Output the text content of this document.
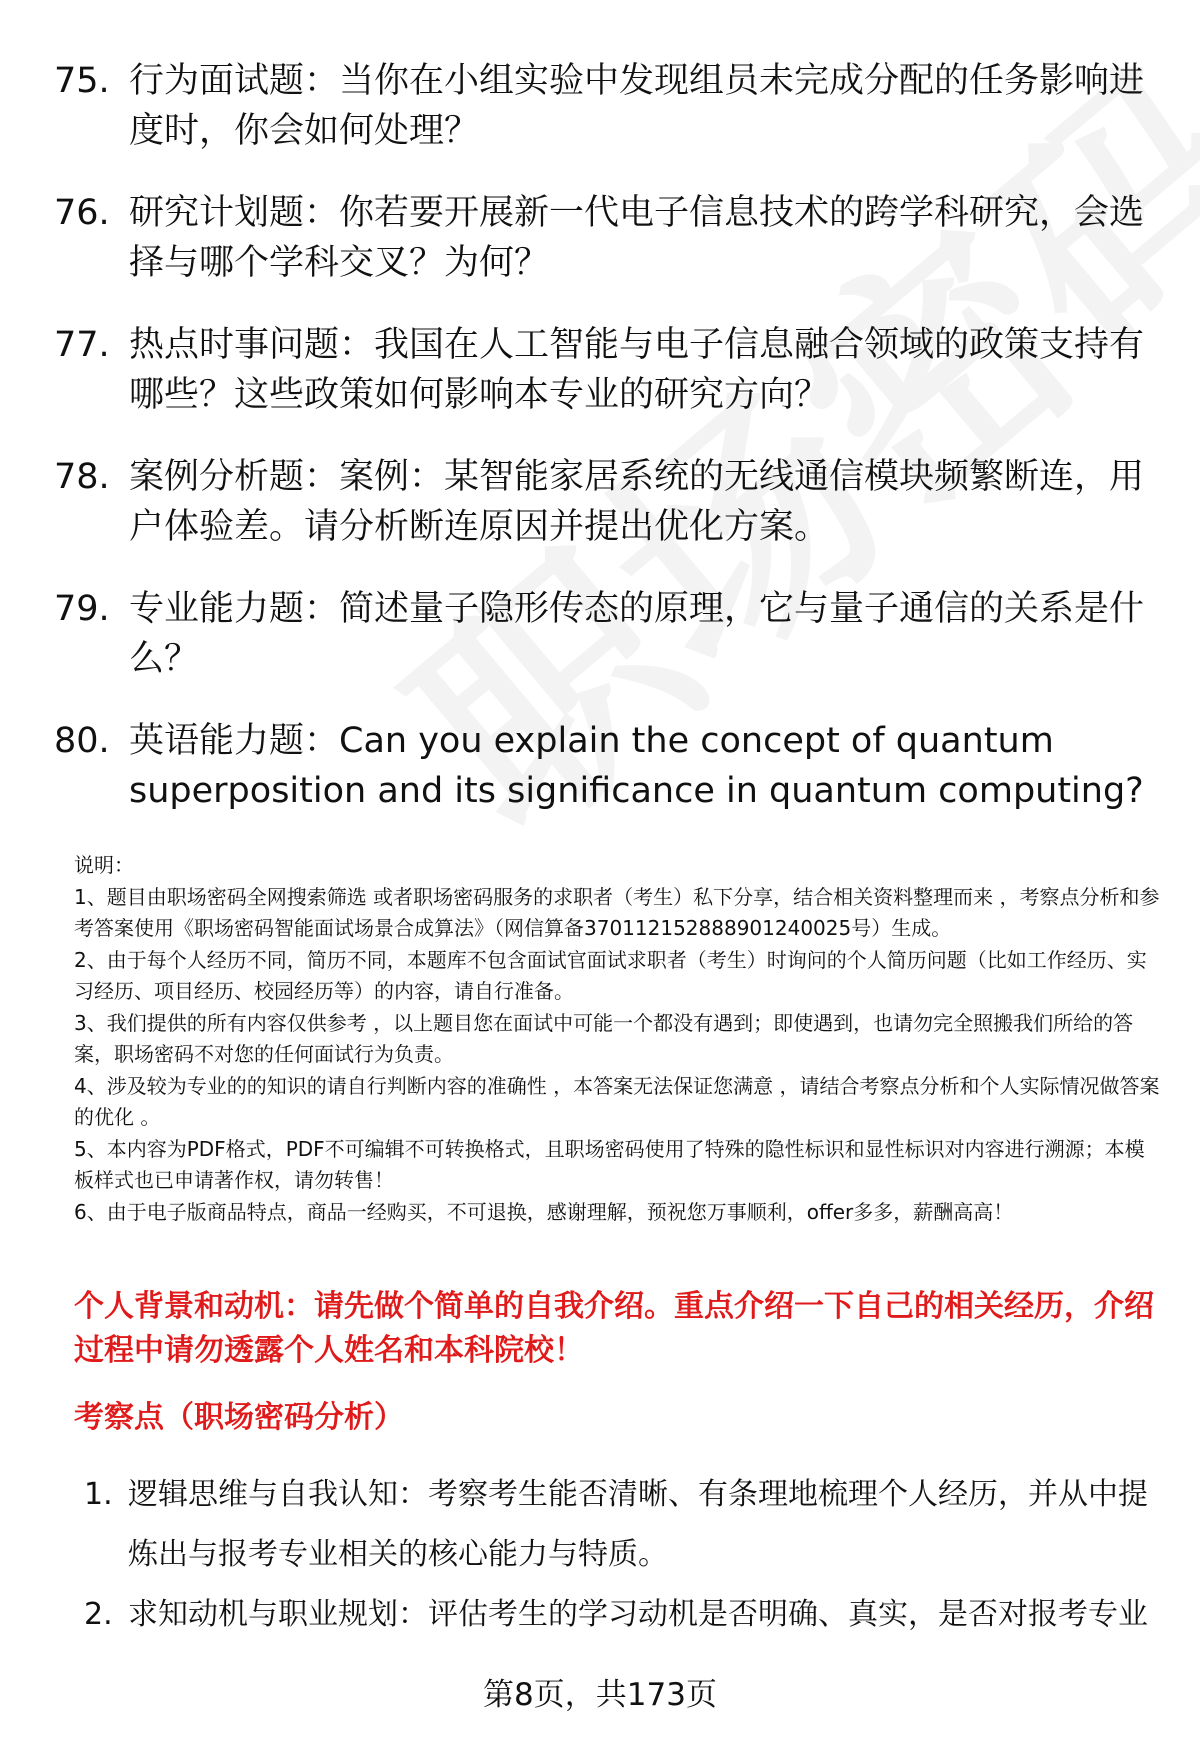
75. 行为面试题：当你在小组实验中发现组员未完成分配的任务影响进度时，你会如何处理？
76. 研究计划题：你若要开展新一代电子信息技术的跨学科研究，会选择与哪个学科交叉？为何？
77. 热点时事问题：我国在人工智能与电子信息融合领域的政策支持有哪些？这些政策如何影响本专业的研究方向？
78. 案例分析题：案例：某智能家居系统的无线通信模块频繁断连，用户体验差。请分析断连原因并提出优化方案。
79. 专业能力题：简述量子隐形传态的原理，它与量子通信的关系是什么？
80. 英语能力题：Can you explain the concept of quantum superposition and its significance in quantum computing?

说明：

1、题目由职场密码全网搜索筛选 或者职场密码服务的求职者（考生）私下分享，结合相关资料整理而来 ，考察点分析和参考答案使用《职场密码智能面试场景合成算法》（网信算备370112152888901240025号）生成。

2、由于每个人经历不同，简历不同，本题库不包含面试官面试求职者（考生）时询问的个人简历问题（比如工作经历、实习经历、项目经历、校园经历等）的内容，请自行准备。

3、我们提供的所有内容仅供参考 ，以上题目您在面试中可能一个都没有遇到；即使遇到，也请勿完全照搬我们所给的答案，职场密码不对您的任何面试行为负责。

4、涉及较为专业的的知识的请自行判断内容的准确性 ，本答案无法保证您满意 ，请结合考察点分析和个人实际情况做答案的优化 。

5、本内容为PDF格式，PDF不可编辑不可转换格式，且职场密码使用了特殊的隐性标识和显性标识对内容进行溯源；本模板样式也已申请著作权，请勿转售！

6、由于电子版商品特点，商品一经购买，不可退换，感谢理解，预祝您万事顺利，offer多多，薪酬高高！

个人背景和动机：请先做个简单的自我介绍。重点介绍一下自己的相关经历，介绍过程中请勿透露个人姓名和本科院校！
考察点（职场密码分析）
1. 逻辑思维与自我认知：考察考生能否清晰、有条理地梳理个人经历，并从中提炼出与报考专业相关的核心能力与特质。
2. 求知动机与职业规划：评估考生的学习动机是否明确、真实，是否对报考专业
第8页，共173页
